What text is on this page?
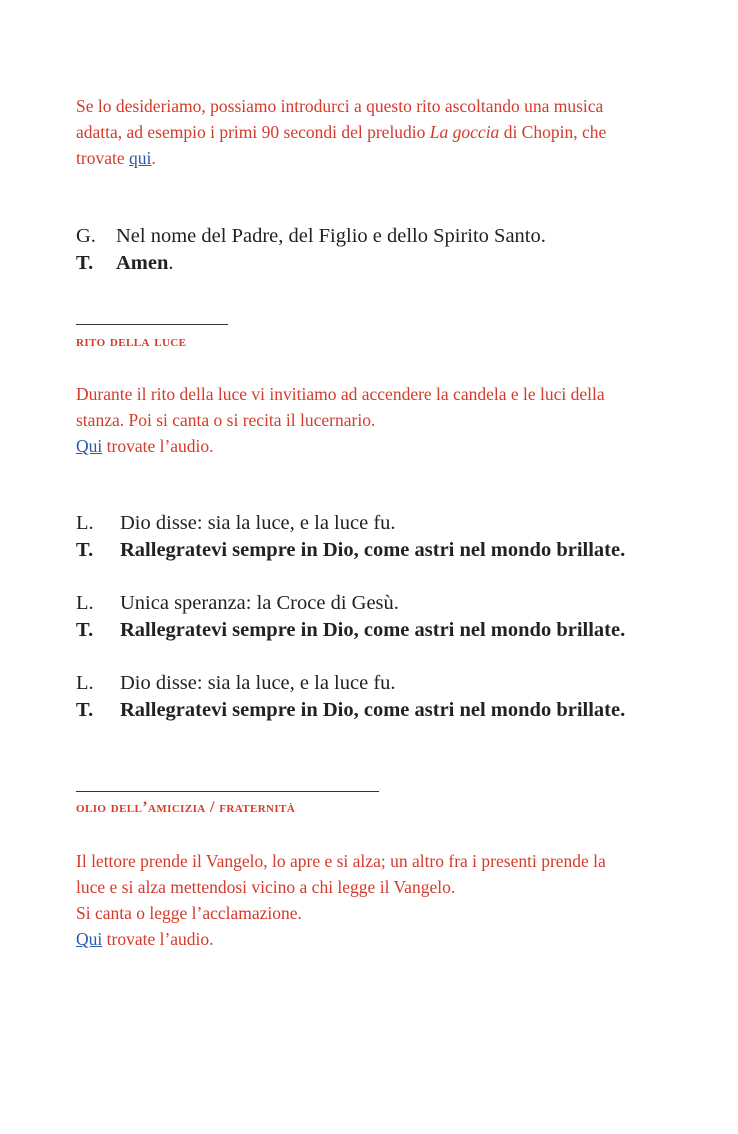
Se lo desideriamo, possiamo introdurci a questo rito ascoltando una musica
adatta, ad esempio i primi 90 secondi del preludio La goccia di Chopin, che
trovate qui.
G. Nel nome del Padre, del Figlio e dello Spirito Santo.
T. Amen.
rito della luce
Durante il rito della luce vi invitiamo ad accendere la candela e le luci della
stanza. Poi si canta o si recita il lucernario.
Qui trovate l’audio.
L. Dio disse: sia la luce, e la luce fu.
T. Rallegratevi sempre in Dio, come astri nel mondo brillate.
L. Unica speranza: la Croce di Gesù.
T. Rallegratevi sempre in Dio, come astri nel mondo brillate.
L. Dio disse: sia la luce, e la luce fu.
T. Rallegratevi sempre in Dio, come astri nel mondo brillate.
olio dell’amicizia / fraternità
Il lettore prende il Vangelo, lo apre e si alza; un altro fra i presenti prende la
luce e si alza mettendosi vicino a chi legge il Vangelo.
Si canta o legge l’acclamazione.
Qui trovate l’audio.
